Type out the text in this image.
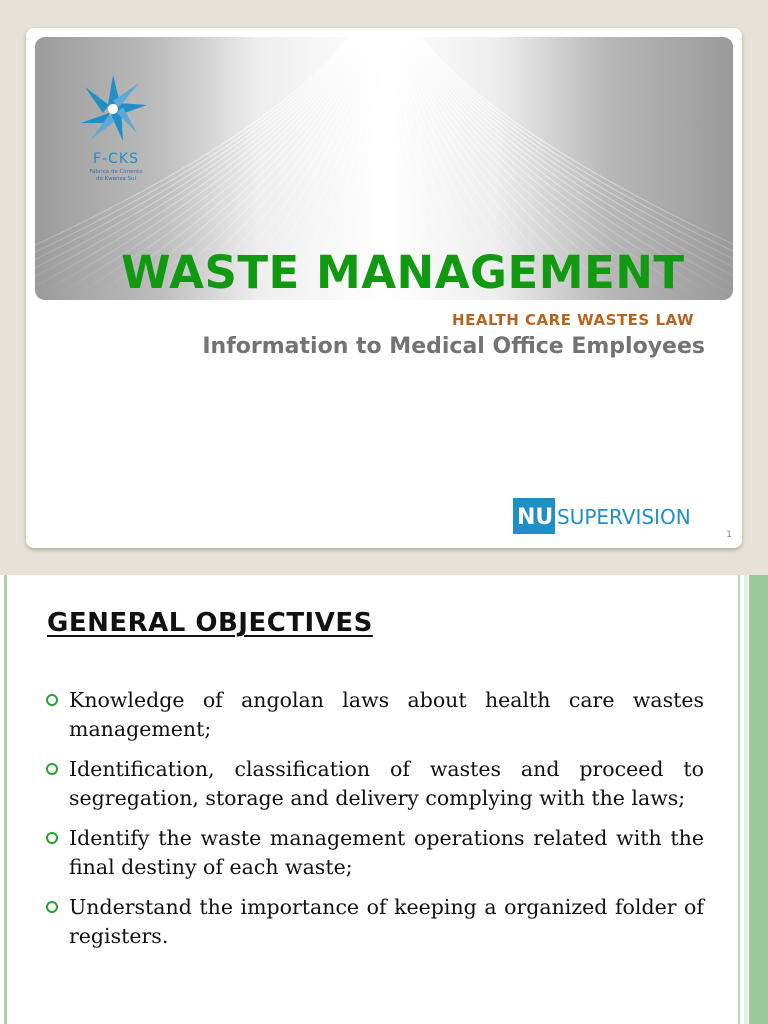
F-CKS
Fábrica de Cimento
do Kwanza Sul
WASTE MANAGEMENT
HEALTH CARE WASTES LAW
Information to Medical Office Employees
NU SUPERVISION
1
GENERAL OBJECTIVES
Knowledge of angolan laws about health care wastes management;
Identification, classification of wastes and proceed to segregation, storage and delivery complying with the laws;
Identify the waste management operations related with the final destiny of each waste;
Understand the importance of keeping a organized folder of registers.
